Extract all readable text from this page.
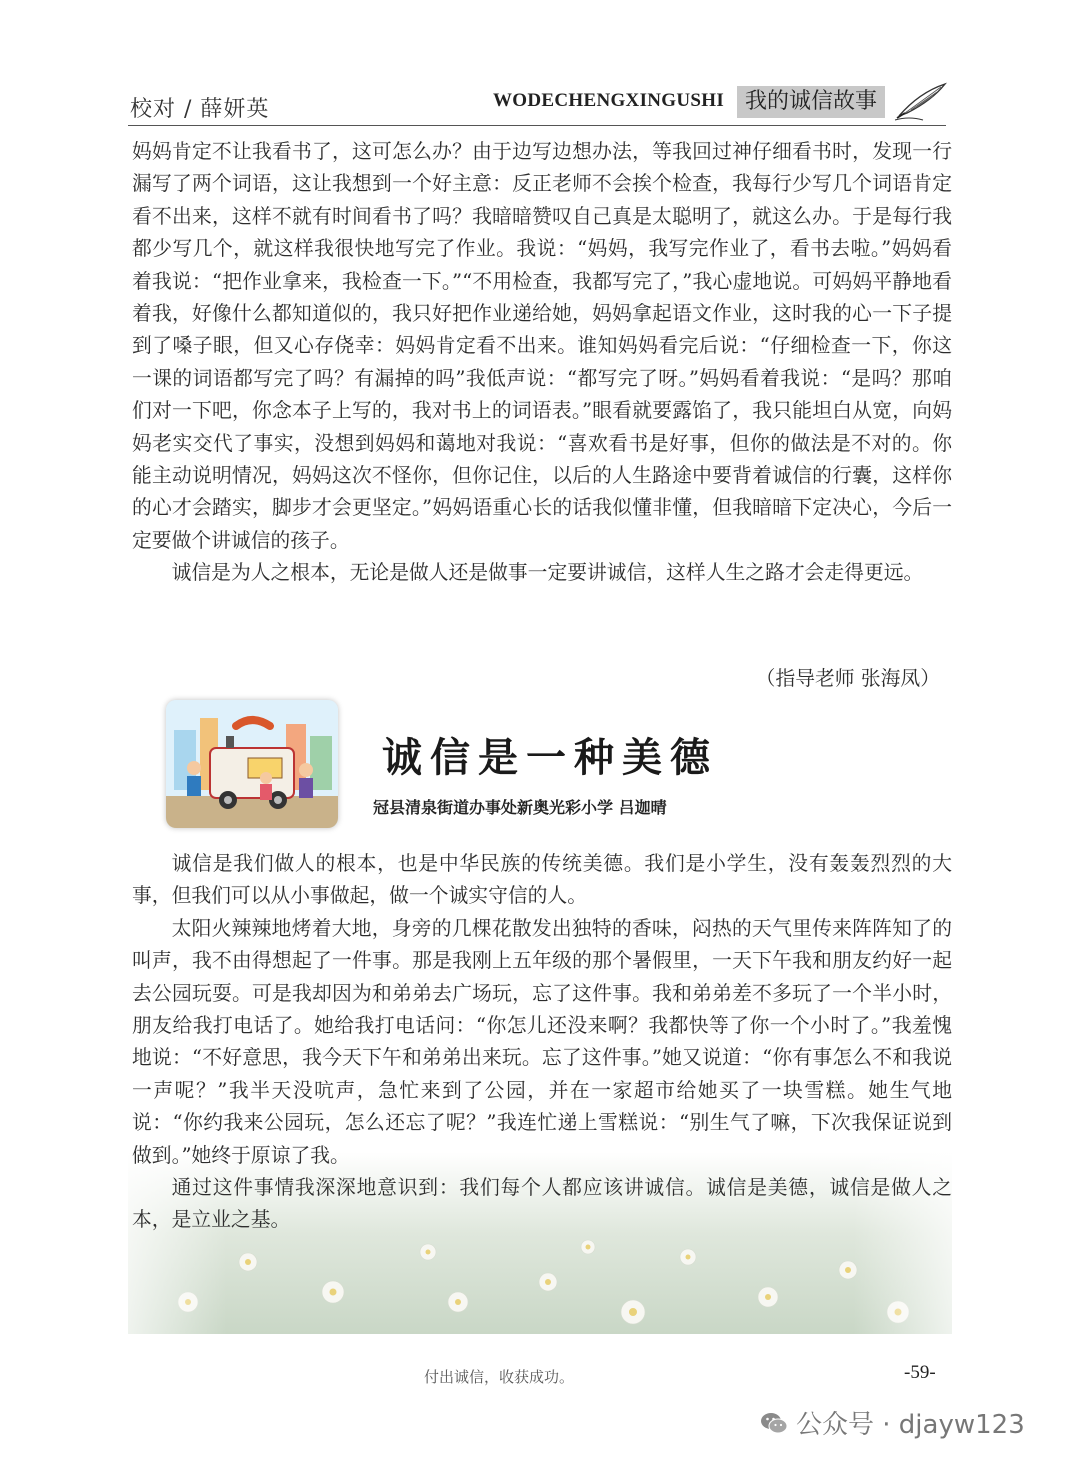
校对 / 薛妍英	WODECHENGXINGUSHI 我的诚信故事

妈妈肯定不让我看书了，这可怎么办？由于边写边想办法，等我回过神仔细看书时，发现一行漏写了两个词语，这让我想到一个好主意：反正老师不会挨个检查，我每行少写几个词语肯定看不出来，这样不就有时间看书了吗？我暗暗赞叹自己真是太聪明了，就这么办。于是每行我都少写几个，就这样我很快地写完了作业。我说：“妈妈，我写完作业了，看书去啦。”妈妈看着我说：“把作业拿来，我检查一下。”“不用检查，我都写完了，”我心虚地说。可妈妈平静地看着我，好像什么都知道似的，我只好把作业递给她，妈妈拿起语文作业，这时我的心一下子提到了嗓子眼，但又心存侥幸：妈妈肯定看不出来。谁知妈妈看完后说：“仔细检查一下，你这一课的词语都写完了吗？有漏掉的吗”我低声说：“都写完了呀。”妈妈看着我说：“是吗？那咱们对一下吧，你念本子上写的，我对书上的词语表。”眼看就要露馅了，我只能坦白从宽，向妈妈老实交代了事实，没想到妈妈和蔼地对我说：“喜欢看书是好事，但你的做法是不对的。你能主动说明情况，妈妈这次不怪你，但你记住，以后的人生路途中要背着诚信的行囊，这样你的心才会踏实，脚步才会更坚定。”妈妈语重心长的话我似懂非懂，但我暗暗下定决心，今后一定要做个讲诚信的孩子。

诚信是为人之根本，无论是做人还是做事一定要讲诚信，这样人生之路才会走得更远。

（指导老师 张海凤）
诚信是一种美德
冠县清泉街道办事处新奥光彩小学 吕迦晴

诚信是我们做人的根本，也是中华民族的传统美德。我们是小学生，没有轰轰烈烈的大事，但我们可以从小事做起，做一个诚实守信的人。

太阳火辣辣地烤着大地，身旁的几棵花散发出独特的香味，闷热的天气里传来阵阵知了的叫声，我不由得想起了一件事。那是我刚上五年级的那个暑假里，一天下午我和朋友约好一起去公园玩耍。可是我却因为和弟弟去广场玩，忘了这件事。我和弟弟差不多玩了一个半小时，朋友给我打电话了。她给我打电话问：“你怎儿还没来啊？我都快等了你一个小时了。”我羞愧地说：“不好意思，我今天下午和弟弟出来玩。忘了这件事。”她又说道：“你有事怎么不和我说一声呢？”我半天没吭声，急忙来到了公园，并在一家超市给她买了一块雪糕。她生气地说：“你约我来公园玩，怎么还忘了呢？”我连忙递上雪糕说：“别生气了嘛，下次我保证说到做到。”她终于原谅了我。

通过这件事情我深深地意识到：我们每个人都应该讲诚信。诚信是美德，诚信是做人之本，是立业之基。

付出诚信，收获成功。	-59-
公众号 · djayw123
